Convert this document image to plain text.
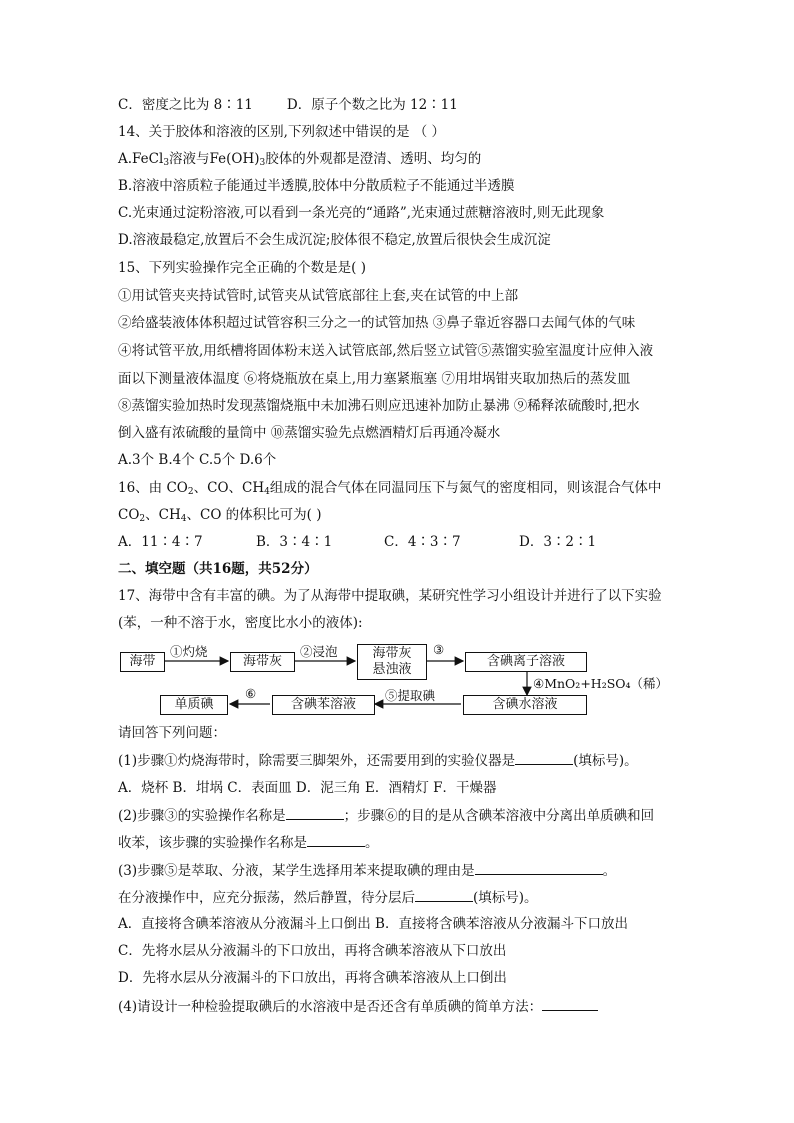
C．密度之比为 8∶11	D．原子个数之比为 12∶11
14、关于胶体和溶液的区别,下列叙述中错误的是 （ ）
A.FeCl$_3$溶液与$Fe(OH)_3$胶体的外观都是澄清、透明、均匀的
B.溶液中溶质粒子能通过半透膜,胶体中分散质粒子不能通过半透膜
C.光束通过淀粉溶液,可以看到一条光亮的“通路”,光束通过蔗糖溶液时,则无此现象
D.溶液最稳定,放置后不会生成沉淀;胶体很不稳定,放置后很快会生成沉淀
15、下列实验操作完全正确的个数是是( )
①用试管夹夹持试管时,试管夹从试管底部往上套,夹在试管的中上部
②给盛装液体体积超过试管容积三分之一的试管加热 ③鼻子靠近容器口去闻气体的气味
④将试管平放,用纸槽将固体粉末送入试管底部,然后竖立试管⑤蒸馏实验室温度计应伸入液
面以下测量液体温度 ⑥将烧瓶放在桌上,用力塞紧瓶塞 ⑦用坩埚钳夹取加热后的蒸发皿
⑧蒸馏实验加热时发现蒸馏烧瓶中未加沸石则应迅速补加防止暴沸 ⑨稀释浓硫酸时,把水
倒入盛有浓硫酸的量筒中 ⑩蒸馏实验先点燃酒精灯后再通冷凝水
A.3个 B.4个 C.5个 D.6个
16、由 $CO_2$、CO、$CH_4$组成的混合气体在同温同压下与氮气的密度相同，则该混合气体中
$CO_2$、$CH_4$、CO 的体积比可为( )
A．11∶4∶7	B．3∶4∶1	C．4∶3∶7	D．3∶2∶1
二、填空题（共16题，共52分）
17、海带中含有丰富的碘。为了从海带中提取碘，某研究性学习小组设计并进行了以下实验
(苯，一种不溶于水，密度比水小的液体):
海带	海带灰
海带灰
悬浊液
含碘离子溶液
含碘水溶液
含碘苯溶液
单质碘
①灼烧	②浸泡	③
④MnO₂+H₂SO₄（稀）
⑤提取碘
⑥
请回答下列问题：
(1)步骤①灼烧海带时，除需要三脚架外，还需要用到的实验仪器是	(填标号)。
A．烧杯 B．坩埚 C．表面皿 D．泥三角 E．酒精灯 F．干燥器
(2)步骤③的实验操作名称是	；步骤⑥的目的是从含碘苯溶液中分离出单质碘和回
收苯，该步骤的实验操作名称是	。
(3)步骤⑤是萃取、分液，某学生选择用苯来提取碘的理由是	。
在分液操作中，应充分振荡，然后静置，待分层后	(填标号)。
A．直接将含碘苯溶液从分液漏斗上口倒出 B．直接将含碘苯溶液从分液漏斗下口放出
C．先将水层从分液漏斗的下口放出，再将含碘苯溶液从下口放出
D．先将水层从分液漏斗的下口放出，再将含碘苯溶液从上口倒出
(4)请设计一种检验提取碘后的水溶液中是否还含有单质碘的简单方法：
